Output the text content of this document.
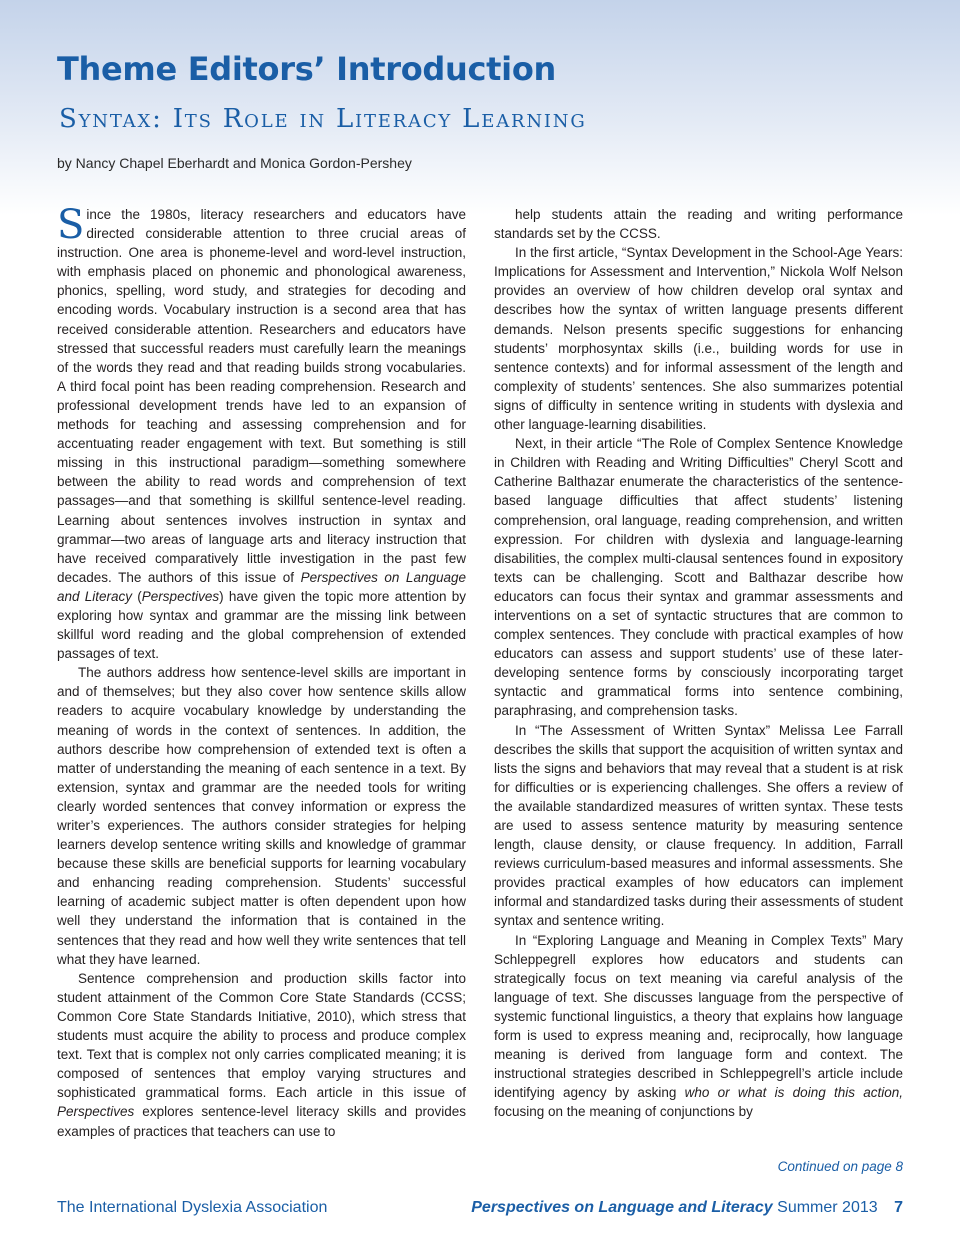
Theme Editors’ Introduction
Syntax: Its Role in Literacy Learning
by Nancy Chapel Eberhardt and Monica Gordon-Pershey

Since the 1980s, literacy researchers and educators have directed considerable attention to three crucial areas of instruction. One area is phoneme-level and word-level instruction, with emphasis placed on phonemic and phonological awareness, phonics, spelling, word study, and strategies for decoding and encoding words. Vocabulary instruction is a second area that has received considerable attention. Researchers and educators have stressed that successful readers must carefully learn the meanings of the words they read and that reading builds strong vocabularies. A third focal point has been reading comprehension. Research and professional development trends have led to an expansion of methods for teaching and assessing comprehension and for accentuating reader engagement with text. But something is still missing in this instructional paradigm—something somewhere between the ability to read words and comprehension of text passages—and that something is skillful sentence-level reading. Learning about sentences involves instruction in syntax and grammar—two areas of language arts and literacy instruction that have received comparatively little investigation in the past few decades. The authors of this issue of Perspectives on Language and Literacy (Perspectives) have given the topic more attention by exploring how syntax and grammar are the missing link between skillful word reading and the global comprehension of extended passages of text.

The authors address how sentence-level skills are important in and of themselves; but they also cover how sentence skills allow readers to acquire vocabulary knowledge by understanding the meaning of words in the context of sentences. In addition, the authors describe how comprehension of extended text is often a matter of understanding the meaning of each sentence in a text. By extension, syntax and grammar are the needed tools for writing clearly worded sentences that convey information or express the writer’s experiences. The authors consider strategies for helping learners develop sentence writing skills and knowledge of grammar because these skills are beneficial supports for learning vocabulary and enhancing reading comprehension. Students’ successful learning of academic subject matter is often dependent upon how well they understand the information that is contained in the sentences that they read and how well they write sentences that tell what they have learned.

Sentence comprehension and production skills factor into student attainment of the Common Core State Standards (CCSS; Common Core State Standards Initiative, 2010), which stress that students must acquire the ability to process and produce complex text. Text that is complex not only carries complicated meaning; it is composed of sentences that employ varying structures and sophisticated grammatical forms. Each article in this issue of Perspectives explores sentence-level literacy skills and provides examples of practices that teachers can use to

help students attain the reading and writing performance standards set by the CCSS.

In the first article, “Syntax Development in the School-Age Years: Implications for Assessment and Intervention,” Nickola Wolf Nelson provides an overview of how children develop oral syntax and describes how the syntax of written language presents different demands. Nelson presents specific suggestions for enhancing students’ morphosyntax skills (i.e., building words for use in sentence contexts) and for informal assessment of the length and complexity of students’ sentences. She also summarizes potential signs of difficulty in sentence writing in students with dyslexia and other language-learning disabilities.

Next, in their article “The Role of Complex Sentence Knowledge in Children with Reading and Writing Difficulties” Cheryl Scott and Catherine Balthazar enumerate the characteristics of the sentence-based language difficulties that affect students’ listening comprehension, oral language, reading comprehension, and written expression. For children with dyslexia and language-learning disabilities, the complex multi-clausal sentences found in expository texts can be challenging. Scott and Balthazar describe how educators can focus their syntax and grammar assessments and interventions on a set of syntactic structures that are common to complex sentences. They conclude with practical examples of how educators can assess and support students’ use of these later-developing sentence forms by consciously incorporating target syntactic and grammatical forms into sentence combining, paraphrasing, and comprehension tasks.

In “The Assessment of Written Syntax” Melissa Lee Farrall describes the skills that support the acquisition of written syntax and lists the signs and behaviors that may reveal that a student is at risk for difficulties or is experiencing challenges. She offers a review of the available standardized measures of written syntax. These tests are used to assess sentence maturity by measuring sentence length, clause density, or clause frequency. In addition, Farrall reviews curriculum-based measures and informal assessments. She provides practical examples of how educators can implement informal and standardized tasks during their assessments of student syntax and sentence writing.

In “Exploring Language and Meaning in Complex Texts” Mary Schleppegrell explores how educators and students can strategically focus on text meaning via careful analysis of the language of text. She discusses language from the perspective of systemic functional linguistics, a theory that explains how language form is used to express meaning and, reciprocally, how language meaning is derived from language form and context. The instructional strategies described in Schleppegrell’s article include identifying agency by asking who or what is doing this action, focusing on the meaning of conjunctions by

Continued on page 8
The International Dyslexia Association	Perspectives on Language and Literacy Summer 2013 7
